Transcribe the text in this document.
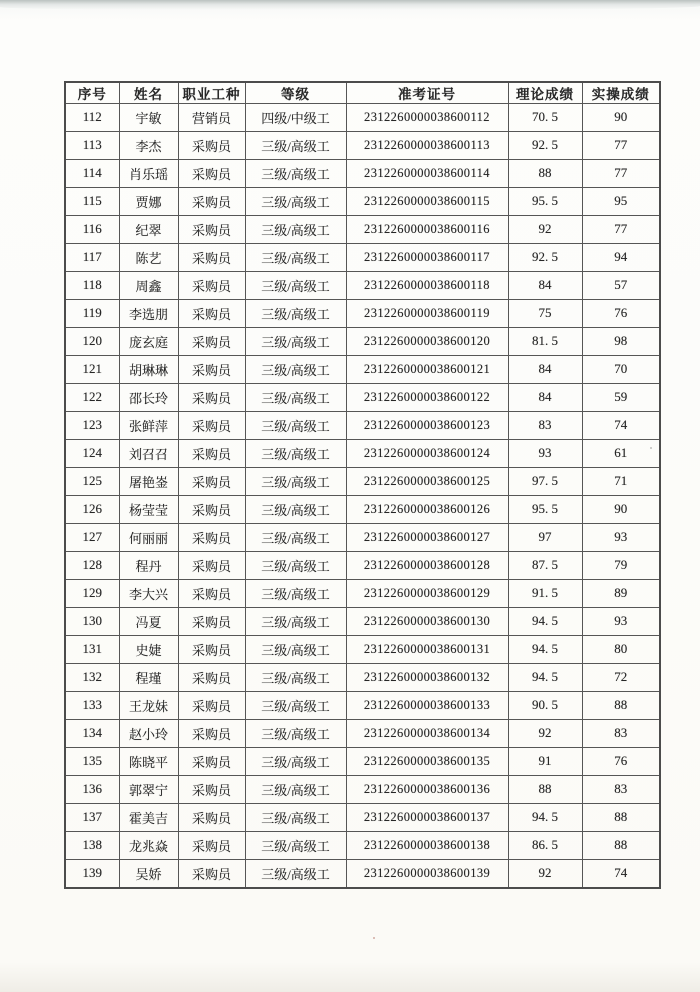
序号	姓名	职业工种	等级	准考证号	理论成绩	实操成绩
112	宇敏	营销员	四级/中级工	2312260000038600112	70. 5	90
113	李杰	采购员	三级/高级工	2312260000038600113	92. 5	77
114	肖乐瑶	采购员	三级/高级工	2312260000038600114	88	77
115	贾娜	采购员	三级/高级工	2312260000038600115	95. 5	95
116	纪翠	采购员	三级/高级工	2312260000038600116	92	77
117	陈艺	采购员	三级/高级工	2312260000038600117	92. 5	94
118	周鑫	采购员	三级/高级工	2312260000038600118	84	57
119	李选朋	采购员	三级/高级工	2312260000038600119	75	76
120	庞玄庭	采购员	三级/高级工	2312260000038600120	81. 5	98
121	胡琳琳	采购员	三级/高级工	2312260000038600121	84	70
122	邵长玲	采购员	三级/高级工	2312260000038600122	84	59
123	张鲜萍	采购员	三级/高级工	2312260000038600123	83	74
124	刘召召	采购员	三级/高级工	2312260000038600124	93	61
125	屠艳崟	采购员	三级/高级工	2312260000038600125	97. 5	71
126	杨莹莹	采购员	三级/高级工	2312260000038600126	95. 5	90
127	何丽丽	采购员	三级/高级工	2312260000038600127	97	93
128	程丹	采购员	三级/高级工	2312260000038600128	87. 5	79
129	李大兴	采购员	三级/高级工	2312260000038600129	91. 5	89
130	冯夏	采购员	三级/高级工	2312260000038600130	94. 5	93
131	史婕	采购员	三级/高级工	2312260000038600131	94. 5	80
132	程瑾	采购员	三级/高级工	2312260000038600132	94. 5	72
133	王龙妹	采购员	三级/高级工	2312260000038600133	90. 5	88
134	赵小玲	采购员	三级/高级工	2312260000038600134	92	83
135	陈晓平	采购员	三级/高级工	2312260000038600135	91	76
136	郭翠宁	采购员	三级/高级工	2312260000038600136	88	83
137	霍美吉	采购员	三级/高级工	2312260000038600137	94. 5	88
138	龙兆焱	采购员	三级/高级工	2312260000038600138	86. 5	88
139	吴娇	采购员	三级/高级工	2312260000038600139	92	74
